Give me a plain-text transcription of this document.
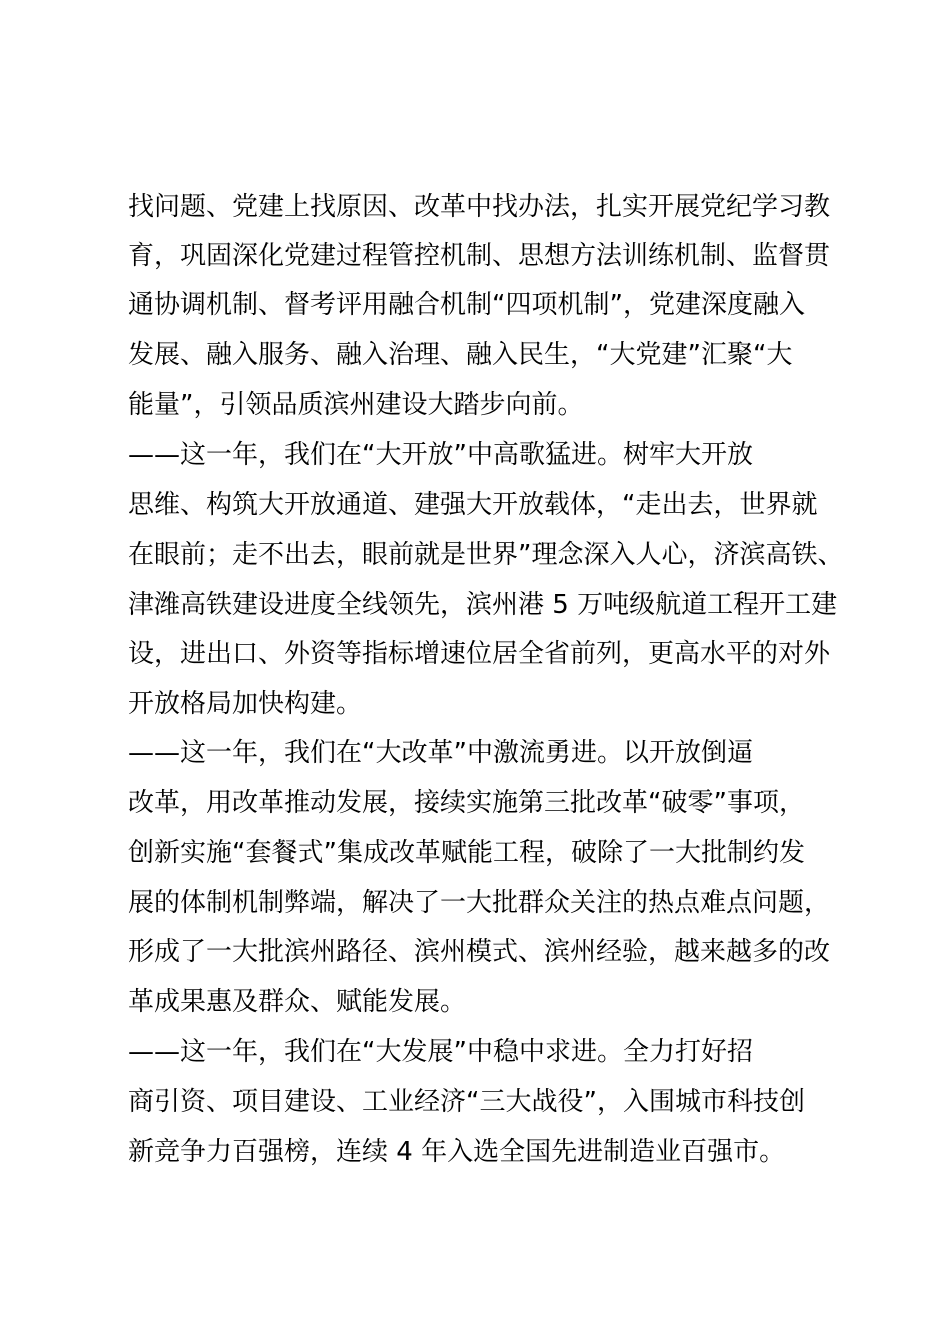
找问题、党建上找原因、改革中找办法，扎实开展党纪学习教
育，巩固深化党建过程管控机制、思想方法训练机制、监督贯
通协调机制、督考评用融合机制“四项机制”，党建深度融入
发展、融入服务、融入治理、融入民生，“大党建”汇聚“大
能量”，引领品质滨州建设大踏步向前。
——这一年，我们在“大开放”中高歌猛进。树牢大开放
思维、构筑大开放通道、建强大开放载体，“走出去，世界就
在眼前；走不出去，眼前就是世界”理念深入人心，济滨高铁、
津潍高铁建设进度全线领先，滨州港 5 万吨级航道工程开工建
设，进出口、外资等指标增速位居全省前列，更高水平的对外
开放格局加快构建。
——这一年，我们在“大改革”中激流勇进。以开放倒逼
改革，用改革推动发展，接续实施第三批改革“破零”事项，
创新实施“套餐式”集成改革赋能工程，破除了一大批制约发
展的体制机制弊端，解决了一大批群众关注的热点难点问题，
形成了一大批滨州路径、滨州模式、滨州经验，越来越多的改
革成果惠及群众、赋能发展。
——这一年，我们在“大发展”中稳中求进。全力打好招
商引资、项目建设、工业经济“三大战役”，入围城市科技创
新竞争力百强榜，连续 4 年入选全国先进制造业百强市。
